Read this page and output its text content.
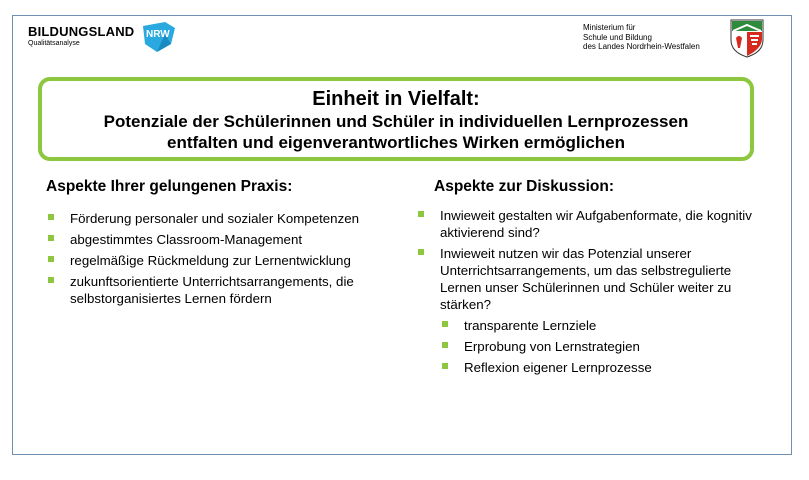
BILDUNGSLAND
Qualitätsanalyse

NRW
Ministerium für
Schule und Bildung
des Landes Nordrhein-Westfalen
Einheit in Vielfalt:
Potenziale der Schülerinnen und Schüler in individuellen Lernprozessen
entfalten und eigenverantwortliches Wirken ermöglichen
Aspekte Ihrer gelungenen Praxis:
Förderung personaler und sozialer Kompetenzen
abgestimmtes Classroom-Management
regelmäßige Rückmeldung zur Lernentwicklung
zukunftsorientierte Unterrichtsarrangements, die selbstorganisiertes Lernen fördern
Aspekte zur Diskussion:
Inwieweit gestalten wir Aufgabenformate, die kognitiv aktivierend sind?
Inwieweit nutzen wir das Potenzial unserer Unterrichtsarrangements, um das selbstregulierte Lernen unser Schülerinnen und Schüler weiter zu stärken?
transparente Lernziele
Erprobung von Lernstrategien
Reflexion eigener Lernprozesse
